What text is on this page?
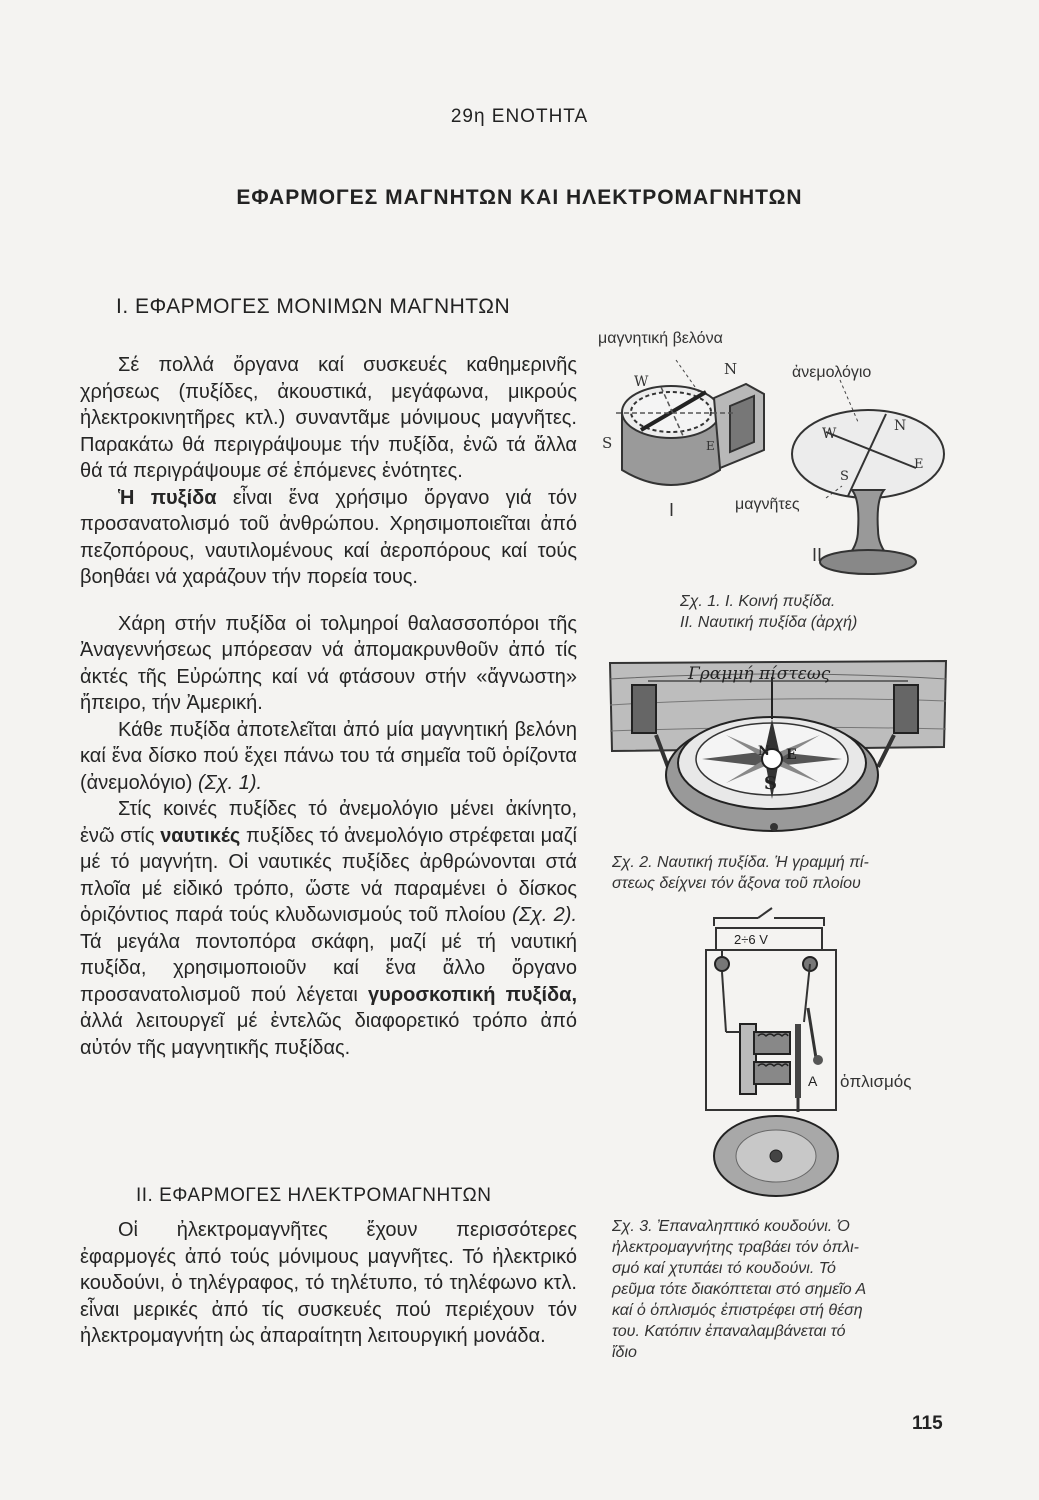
29η ΕΝΟΤΗΤΑ
ΕΦΑΡΜΟΓΕΣ ΜΑΓΝΗΤΩΝ ΚΑΙ ΗΛΕΚΤΡΟΜΑΓΝΗΤΩΝ
Ι. ΕΦΑΡΜΟΓΕΣ ΜΟΝΙΜΩΝ ΜΑΓΝΗΤΩΝ

Σέ πολλά ὄργανα καί συσκευές καθημερινῆς χρήσεως (πυξίδες, ἀκουστικά, μεγάφωνα, μικρούς ἠλεκτροκινητῆρες κτλ.) συναντᾶμε μόνιμους μαγνῆτες. Παρακάτω θά περιγράψουμε τήν πυξίδα, ἐνῶ τά ἄλλα θά τά περιγράψουμε σέ ἑπόμενες ἑνότητες.

Ἡ πυξίδα εἶναι ἕνα χρήσιμο ὄργανο γιά τόν προσανατολισμό τοῦ ἀνθρώπου. Χρησιμοποιεῖται ἀπό πεζοπόρους, ναυτιλομένους καί ἀεροπόρους καί τούς βοηθάει νά χαράζουν τήν πορεία τους.

Χάρη στήν πυξίδα οἱ τολμηροί θαλασσοπόροι τῆς Ἀναγεννήσεως μπόρεσαν νά ἀπομακρυνθοῦν ἀπό τίς ἀκτές τῆς Εὐρώπης καί νά φτάσουν στήν «ἄγνωστη» ἤπειρο, τήν Ἀμερική.

Κάθε πυξίδα ἀποτελεῖται ἀπό μία μαγνητική βελόνη καί ἕνα δίσκο πού ἔχει πάνω του τά σημεῖα τοῦ ὁρίζοντα (ἀνεμολόγιο) (Σχ. 1).

Στίς κοινές πυξίδες τό ἀνεμολόγιο μένει ἀκίνητο, ἐνῶ στίς ναυτικές πυξίδες τό ἀνεμολόγιο στρέφεται μαζί μέ τό μαγνήτη. Οἱ ναυτικές πυξίδες ἀρθρώνονται στά πλοῖα μέ εἰδικό τρόπο, ὥστε νά παραμένει ὁ δίσκος ὁριζόντιος παρά τούς κλυδωνισμούς τοῦ πλοίου (Σχ. 2). Τά μεγάλα ποντοπόρα σκάφη, μαζί μέ τή ναυτική πυξίδα, χρησιμοποιοῦν καί ἕνα ἄλλο ὄργανο προσανατολισμοῦ πού λέγεται γυροσκοπική πυξίδα, ἀλλά λειτουργεῖ μέ ἐντελῶς διαφορετικό τρόπο ἀπό αὐτόν τῆς μαγνητικῆς πυξίδας.

ΙΙ. ΕΦΑΡΜΟΓΕΣ ΗΛΕΚΤΡΟΜΑΓΝΗΤΩΝ

Οἱ ἠλεκτρομαγνῆτες ἔχουν περισσότερες ἐφαρμογές ἀπό τούς μόνιμους μαγνῆτες. Τό ἠλεκτρικό κουδούνι, ὁ τηλέγραφος, τό τηλέτυπο, τό τηλέφωνο κτλ. εἶναι μερικές ἀπό τίς συσκευές πού περιέχουν τόν ἠλεκτρομαγνήτη ὡς ἀπαραίτητη λειτουργική μονάδα.

μαγνητική βελόνα
ἀνεμολόγιο
μαγνῆτες
W
N
S	E
W	N
E
S
Ι
ΙΙ
Σχ. 1. Ι. Κοινή πυξίδα.
ΙΙ. Ναυτική πυξίδα (ἀρχή)
E
N
S
Γραμμή πίστεως
Σχ. 2. Ναυτική πυξίδα. Ἡ γραμμή πί-
στεως δείχνει τόν ἄξονα τοῦ πλοίου
2÷6 V
Α ὁπλισμός
Σχ. 3. Ἐπαναληπτικό κουδούνι. Ὁ
ἠλεκτρομαγνήτης τραβάει τόν ὁπλι-
σμό καί χτυπάει τό κουδούνι. Τό
ρεῦμα τότε διακόπτεται στό σημεῖο Α
καί ὁ ὁπλισμός ἐπιστρέφει στή θέση
του. Κατόπιν ἐπαναλαμβάνεται τό
ἴδιο
115
